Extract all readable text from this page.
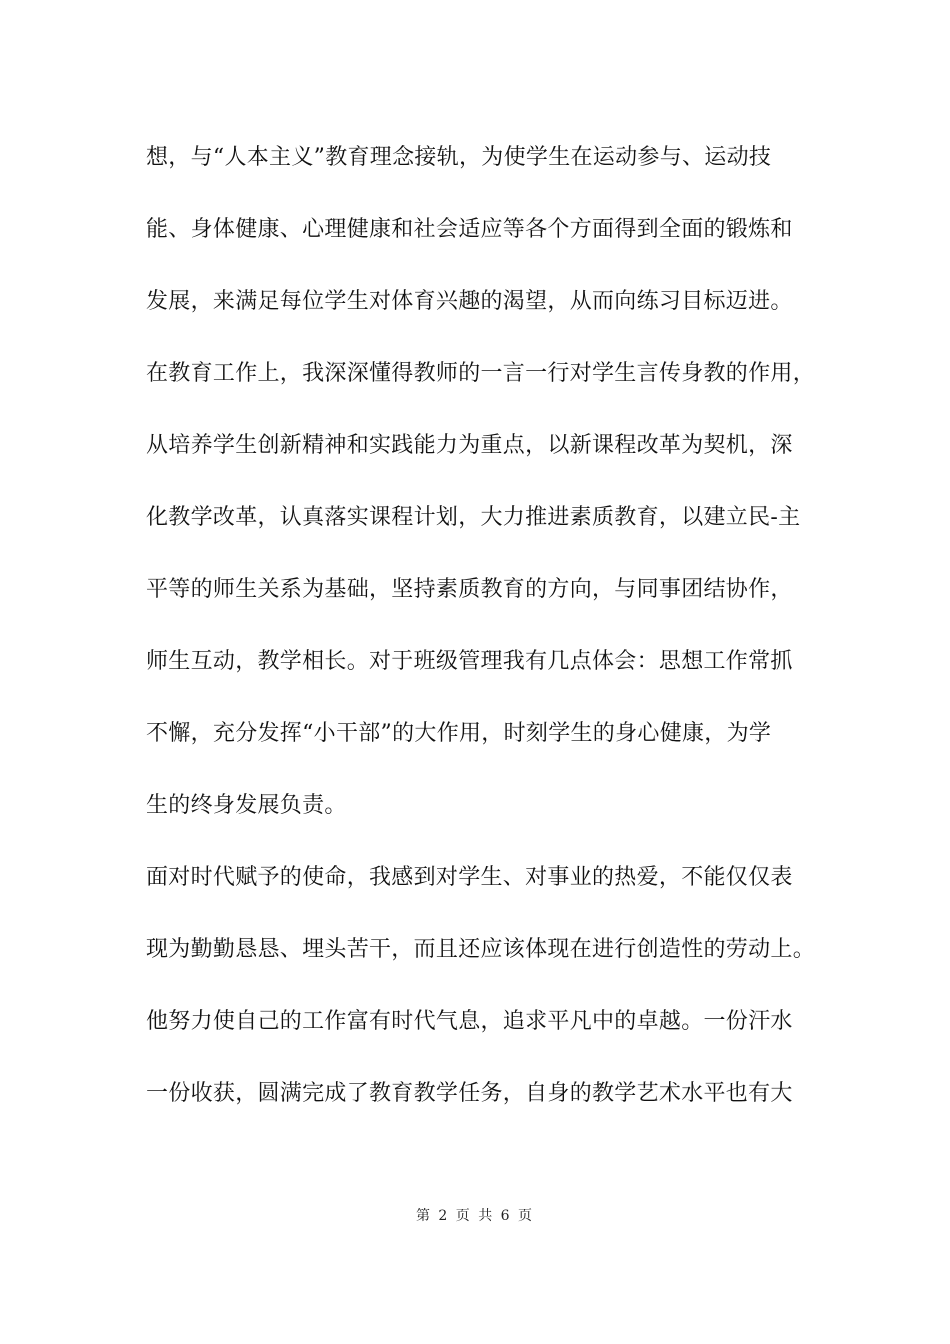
想，与“人本主义”教育理念接轨，为使学生在运动参与、运动技
能、身体健康、心理健康和社会适应等各个方面得到全面的锻炼和
发展，来满足每位学生对体育兴趣的渴望，从而向练习目标迈进。
在教育工作上，我深深懂得教师的一言一行对学生言传身教的作用，
从培养学生创新精神和实践能力为重点，以新课程改革为契机，深
化教学改革，认真落实课程计划，大力推进素质教育，以建立民-主
平等的师生关系为基础，坚持素质教育的方向，与同事团结协作，
师生互动，教学相长。对于班级管理我有几点体会：思想工作常抓
不懈，充分发挥“小干部”的大作用，时刻学生的身心健康，为学
生的终身发展负责。
面对时代赋予的使命，我感到对学生、对事业的热爱，不能仅仅表
现为勤勤恳恳、埋头苦干，而且还应该体现在进行创造性的劳动上。
他努力使自己的工作富有时代气息，追求平凡中的卓越。一份汗水
一份收获，圆满完成了教育教学任务，自身的教学艺术水平也有大
第 2 页 共 6 页
